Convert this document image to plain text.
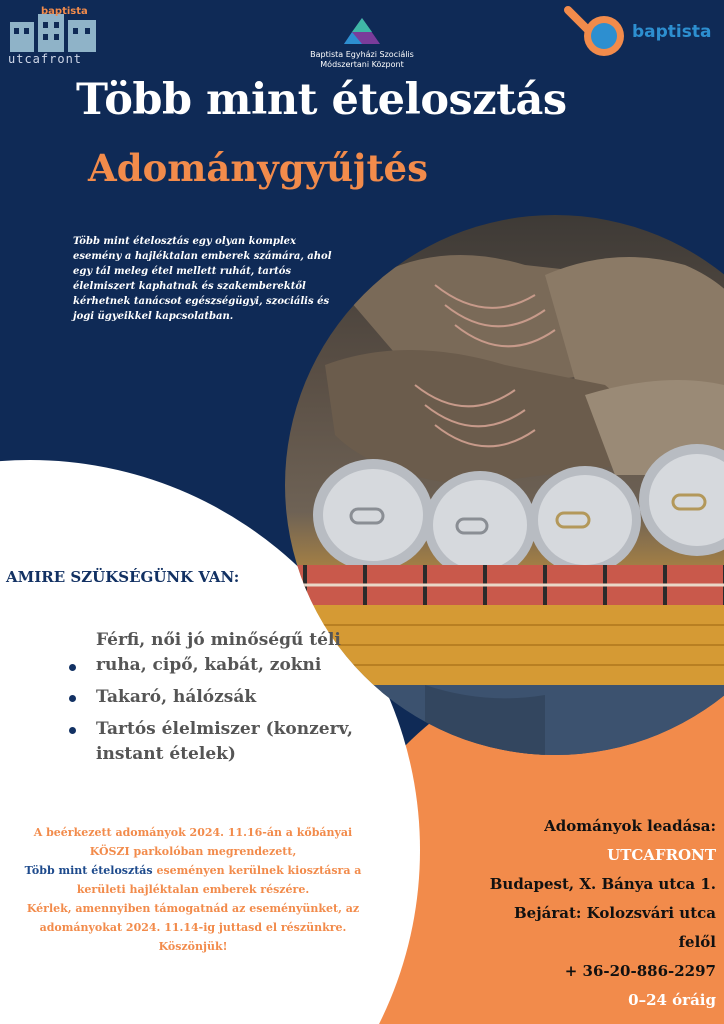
baptista
utcafront	Baptista Egyházi Szociális
Módszertani Központ
baptista
Több mint ételosztás
Adománygyűjtés

Több mint ételosztás egy olyan komplex esemény a hajléktalan emberek számára, ahol egy tál meleg étel mellett ruhát, tartós élelmiszert kaphatnak és szakemberektől kérhetnek tanácsot egészségügyi, szociális és jogi ügyeikkel kapcsolatban.

AMIRE SZÜKSÉGÜNK VAN:
Férfi, női jó minőségű téli ruha, cipő, kabát, zokni
Takaró, hálózsák
Tartós élelmiszer (konzerv, instant ételek)

A beérkezett adományok 2024. 11.16-án a kőbányai KÖSZI parkolóban megrendezett,
Több mint ételosztás eseményen kerülnek kiosztásra a kerületi hajléktalan emberek részére.
Kérlek, amennyiben támogatnád az eseményünket, az adományokat 2024. 11.14-ig juttasd el részünkre.
Köszönjük!

Adományok leadása:
UTCAFRONT
Budapest, X. Bánya utca 1.
Bejárat: Kolozsvári utca
felől
+ 36-20-886-2297
0–24 óráig
